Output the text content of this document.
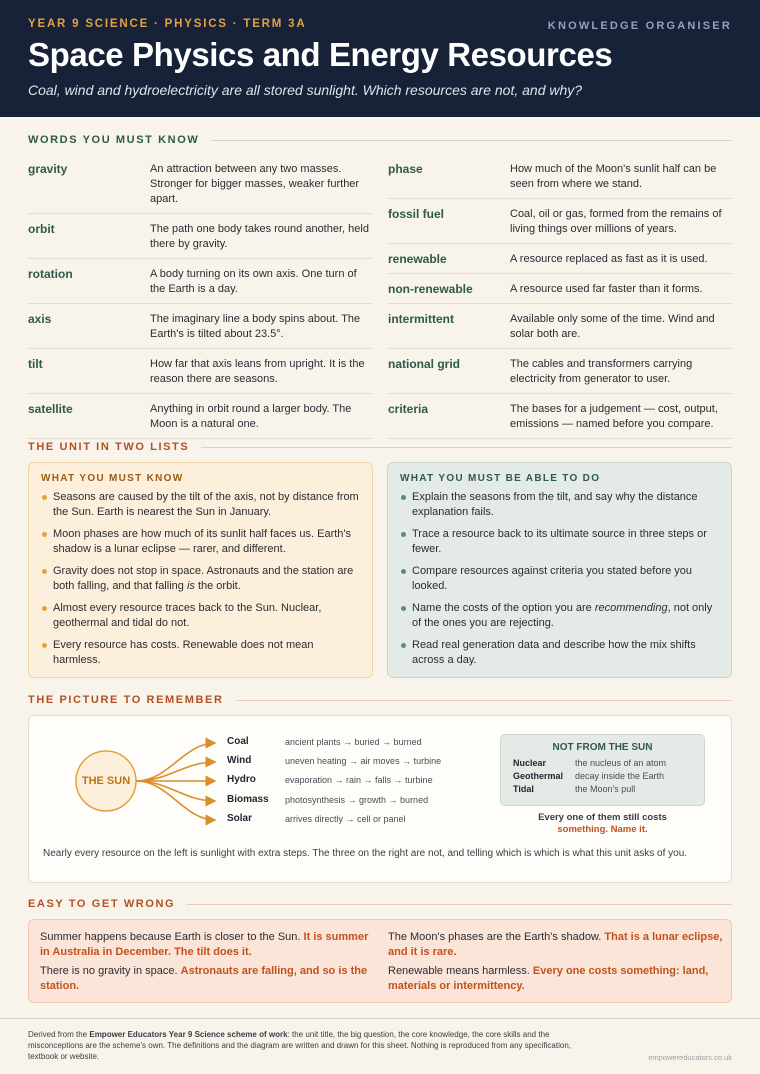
YEAR 9 SCIENCE · PHYSICS · TERM 3A	KNOWLEDGE ORGANISER
Space Physics and Energy Resources
Coal, wind and hydroelectricity are all stored sunlight. Which resources are not, and why?
WORDS YOU MUST KNOW
gravity	An attraction between any two masses. Stronger for bigger masses, weaker further apart.
orbit	The path one body takes round another, held there by gravity.
rotation	A body turning on its own axis. One turn of the Earth is a day.
axis	The imaginary line a body spins about. The Earth's is tilted about 23.5°.
tilt	How far that axis leans from upright. It is the reason there are seasons.
satellite	Anything in orbit round a larger body. The Moon is a natural one.
phase	How much of the Moon's sunlit half can be seen from where we stand.
fossil fuel	Coal, oil or gas, formed from the remains of living things over millions of years.
renewable	A resource replaced as fast as it is used.
non-renewable	A resource used far faster than it forms.
intermittent	Available only some of the time. Wind and solar both are.
national grid	The cables and transformers carrying electricity from generator to user.
criteria	The bases for a judgement — cost, output, emissions — named before you compare.
THE UNIT IN TWO LISTS
WHAT YOU MUST KNOW
Seasons are caused by the tilt of the axis, not by distance from the Sun. Earth is nearest the Sun in January.
Moon phases are how much of its sunlit half faces us. Earth's shadow is a lunar eclipse — rarer, and different.
Gravity does not stop in space. Astronauts and the station are both falling, and that falling is the orbit.
Almost every resource traces back to the Sun. Nuclear, geothermal and tidal do not.
Every resource has costs. Renewable does not mean harmless.
WHAT YOU MUST BE ABLE TO DO
Explain the seasons from the tilt, and say why the distance explanation fails.
Trace a resource back to its ultimate source in three steps or fewer.
Compare resources against criteria you stated before you looked.
Name the costs of the option you are recommending, not only of the ones you are rejecting.
Read real generation data and describe how the mix shifts across a day.
THE PICTURE TO REMEMBER
THE SUN
Coal	ancient plants → buried → burned
Wind	uneven heating → air moves → turbine
Hydro	evaporation → rain → falls → turbine
Biomass photosynthesis → growth → burned
Solar	arrives directly → cell or panel
NOT FROM THE SUN
Nuclear	the nucleus of an atom
Geothermal	decay inside the Earth
Tidal	the Moon's pull
Every one of them still costs
something. Name it.
Nearly every resource on the left is sunlight with extra steps. The three on the right are not, and telling which is which is what this unit asks of you.
EASY TO GET WRONG
Summer happens because Earth is closer to the Sun. It is summer in Australia in December. The tilt does it.
The Moon's phases are the Earth's shadow. That is a lunar eclipse, and it is rare.
There is no gravity in space. Astronauts are falling, and so is the station.
Renewable means harmless. Every one costs something: land, materials or intermittency.
Derived from the Empower Educators Year 9 Science scheme of work: the unit title, the big question, the core knowledge, the core skills and the misconceptions are the scheme's own. The definitions and the diagram are written and drawn for this sheet. Nothing is reproduced from any specification, textbook or website.	empowereducators.co.uk
